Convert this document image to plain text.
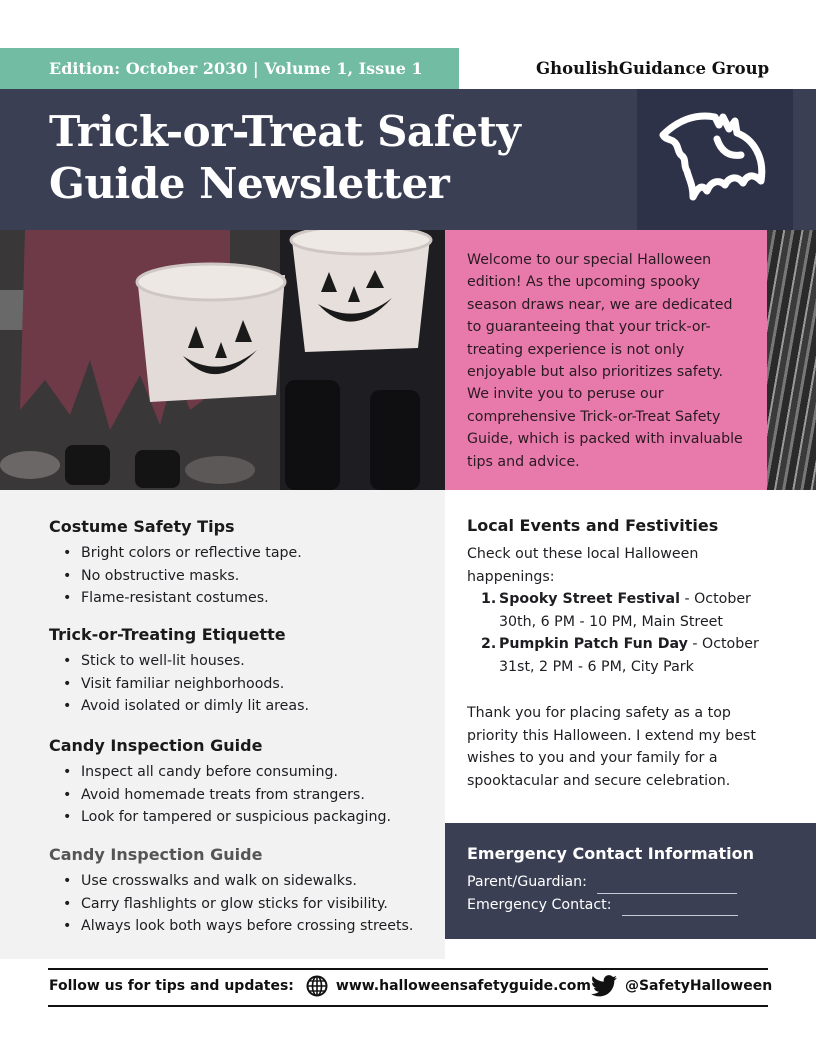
Edition: October 2030 | Volume 1, Issue 1	GhoulishGuidance Group
Trick-or-Treat Safety
Guide Newsletter

Welcome to our special Halloween edition! As the upcoming spooky season draws near, we are dedicated to guaranteeing that your trick-or-treating experience is not only enjoyable but also prioritizes safety. We invite you to peruse our comprehensive Trick-or-Treat Safety Guide, which is packed with invaluable tips and advice.

Costume Safety Tips
• Bright colors or reflective tape.
• No obstructive masks.
• Flame-resistant costumes.
Trick-or-Treating Etiquette
• Stick to well-lit houses.
• Visit familiar neighborhoods.
• Avoid isolated or dimly lit areas.
Candy Inspection Guide
• Inspect all candy before consuming.
• Avoid homemade treats from strangers.
• Look for tampered or suspicious packaging.
Candy Inspection Guide
• Use crosswalks and walk on sidewalks.
• Carry flashlights or glow sticks for visibility.
• Always look both ways before crossing streets.
Local Events and Festivities

Check out these local Halloween happenings:

1. Spooky Street Festival - October 30th, 6 PM - 10 PM, Main Street
2. Pumpkin Patch Fun Day - October 31st, 2 PM - 6 PM, City Park

Thank you for placing safety as a top priority this Halloween. I extend my best wishes to you and your family for a spooktacular and secure celebration.

Emergency Contact Information
Parent/Guardian:
Emergency Contact:
Follow us for tips and updates:	www.halloweensafetyguide.com @SafetyHalloween
